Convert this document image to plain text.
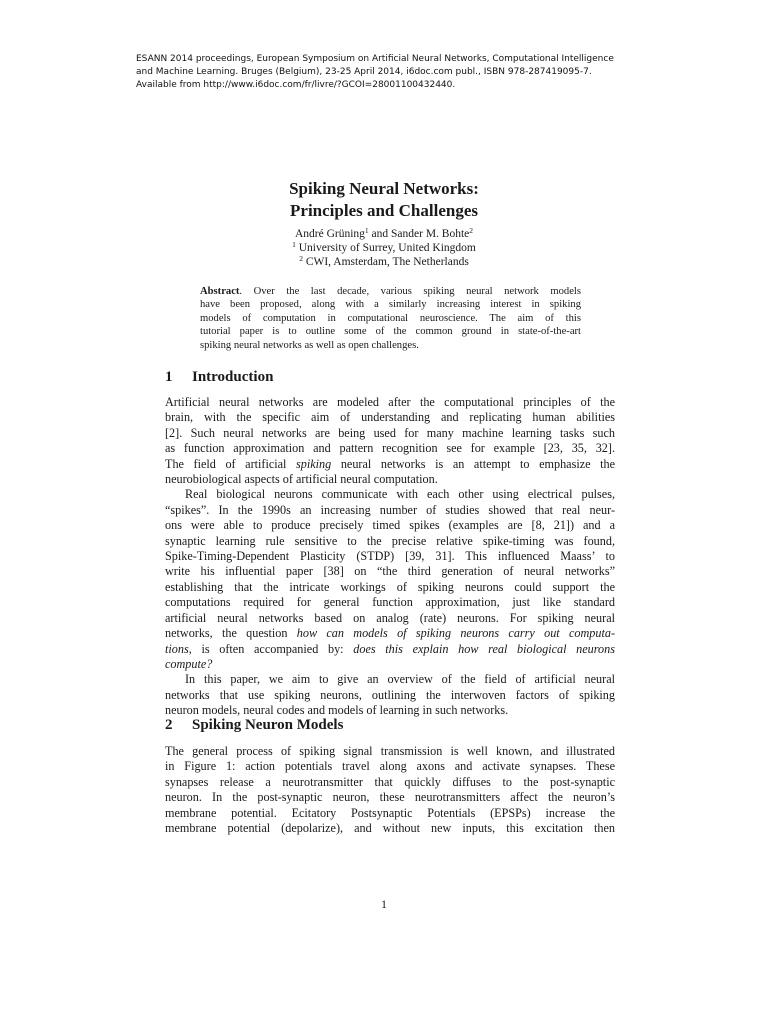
ESANN 2014 proceedings, European Symposium on Artificial Neural Networks, Computational Intelligence
and Machine Learning. Bruges (Belgium), 23-25 April 2014, i6doc.com publ., ISBN 978-287419095-7.
Available from http://www.i6doc.com/fr/livre/?GCOI=28001100432440.
Spiking Neural Networks:
Principles and Challenges
André Grüning$^1$ and Sander M. Bohte$^2$
$^1$ University of Surrey, United Kingdom
$^2$ CWI, Amsterdam, The Netherlands
Abstract. Over the last decade, various spiking neural network models
have been proposed, along with a similarly increasing interest in spiking
models of computation in computational neuroscience. The aim of this
tutorial paper is to outline some of the common ground in state-of-the-art
spiking neural networks as well as open challenges.
1 Introduction
Artificial neural networks are modeled after the computational principles of the
brain, with the specific aim of understanding and replicating human abilities
[2]. Such neural networks are being used for many machine learning tasks such
as function approximation and pattern recognition see for example [23, 35, 32].
The field of artificial spiking neural networks is an attempt to emphasize the
neurobiological aspects of artificial neural computation.
Real biological neurons communicate with each other using electrical pulses,
“spikes”. In the 1990s an increasing number of studies showed that real neur-
ons were able to produce precisely timed spikes (examples are [8, 21]) and a
synaptic learning rule sensitive to the precise relative spike-timing was found,
Spike-Timing-Dependent Plasticity (STDP) [39, 31]. This influenced Maass’ to
write his influential paper [38] on “the third generation of neural networks”
establishing that the intricate workings of spiking neurons could support the
computations required for general function approximation, just like standard
artificial neural networks based on analog (rate) neurons. For spiking neural
networks, the question how can models of spiking neurons carry out computa-
tions, is often accompanied by: does this explain how real biological neurons
compute?
In this paper, we aim to give an overview of the field of artificial neural
networks that use spiking neurons, outlining the interwoven factors of spiking
neuron models, neural codes and models of learning in such networks.
2 Spiking Neuron Models
The general process of spiking signal transmission is well known, and illustrated
in Figure 1: action potentials travel along axons and activate synapses. These
synapses release a neurotransmitter that quickly diffuses to the post-synaptic
neuron. In the post-synaptic neuron, these neurotransmitters affect the neuron’s
membrane potential. Ecitatory Postsynaptic Potentials (EPSPs) increase the
membrane potential (depolarize), and without new inputs, this excitation then
1
